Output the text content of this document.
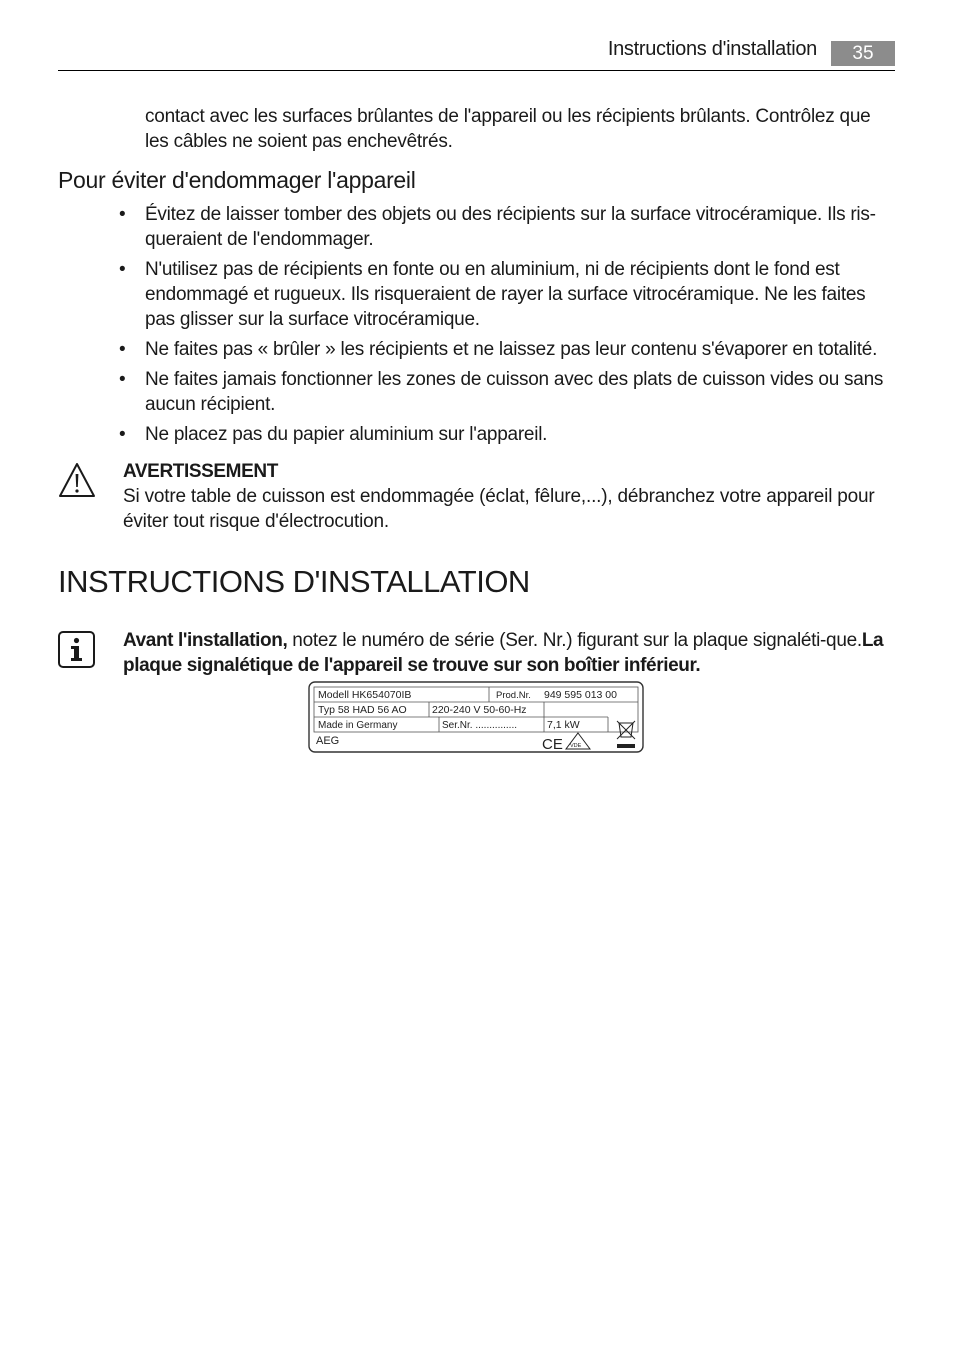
Instructions d'installation	35
contact avec les surfaces brûlantes de l'appareil ou les récipients brûlants. Contrôlez que les câbles ne soient pas enchevêtrés.
Pour éviter d'endommager l'appareil
• Évitez de laisser tomber des objets ou des récipients sur la surface vitrocéramique. Ils ris-queraient de l'endommager.
• N'utilisez pas de récipients en fonte ou en aluminium, ni de récipients dont le fond est endommagé et rugueux. Ils risqueraient de rayer la surface vitrocéramique. Ne les faites pas glisser sur la surface vitrocéramique.
• Ne faites pas « brûler » les récipients et ne laissez pas leur contenu s'évaporer en totalité.
• Ne faites jamais fonctionner les zones de cuisson avec des plats de cuisson vides ou sans aucun récipient.
• Ne placez pas du papier aluminium sur l'appareil.
AVERTISSEMENT
Si votre table de cuisson est endommagée (éclat, fêlure,...), débranchez votre appareil pour éviter tout risque d'électrocution.
INSTRUCTIONS D'INSTALLATION
Avant l'installation, notez le numéro de série (Ser. Nr.) figurant sur la plaque signaléti-que.La plaque signalétique de l'appareil se trouve sur son boîtier inférieur.
Modell HK654070IB	Prod.Nr. 949 595 013 00
Typ 58 HAD 56 AO 220-240 V 50-60-Hz
Made in Germany	Ser.Nr. ...............	7,1 kW
AEG	CE VDE
